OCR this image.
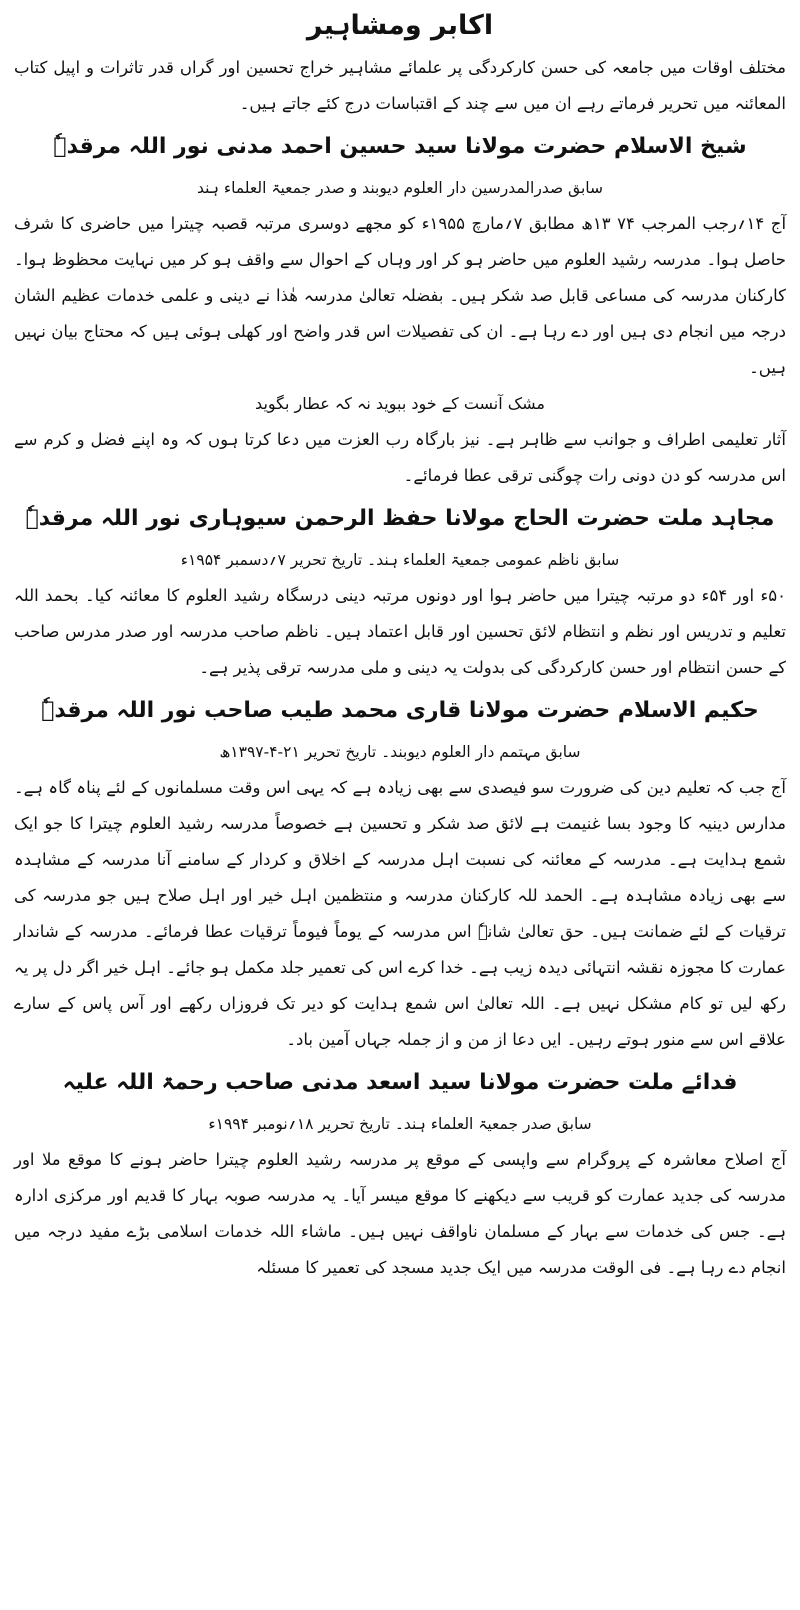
اکابر ومشاہیر

مختلف اوقات میں جامعہ کی حسن کارکردگی پر علمائے مشاہیر خراج تحسین اور گراں قدر تاثرات و اپیل کتاب المعائنہ میں تحریر فرماتے رہے ان میں سے چند کے اقتباسات درج کئے جاتے ہیں۔

شیخ الاسلام حضرت مولانا سید حسین احمد مدنی نور اللہ مرقدہٗ
سابق صدرالمدرسین دار العلوم دیوبند و صدر جمعیۃ العلماء ہند

آج ۱۴؍رجب المرجب ۷۴ ۱۳ھ مطابق ۷؍مارچ ۱۹۵۵ء کو مجھے دوسری مرتبہ قصبہ چیترا میں حاضری کا شرف حاصل ہوا۔ مدرسہ رشید العلوم میں حاضر ہو کر اور وہاں کے احوال سے واقف ہو کر میں نہایت محظوظ ہوا۔ کارکنان مدرسہ کی مساعی قابل صد شکر ہیں۔ بفضلہ تعالیٰ مدرسہ ھٰذا نے دینی و علمی خدمات عظیم الشان درجہ میں انجام دی ہیں اور دے رہا ہے۔ ان کی تفصیلات اس قدر واضح اور کھلی ہوئی ہیں کہ محتاج بیان نہیں ہیں۔

مشک آنست کے خود ببوید نہ کہ عطار بگوید

آثار تعلیمی اطراف و جوانب سے ظاہر ہے۔ نیز بارگاہ رب العزت میں دعا کرتا ہوں کہ وہ اپنے فضل و کرم سے اس مدرسہ کو دن دونی رات چوگنی ترقی عطا فرمائے۔

مجاہد ملت حضرت الحاج مولانا حفظ الرحمن سیوہاری نور اللہ مرقدہٗ
سابق ناظم عمومی جمعیۃ العلماء ہند۔ تاریخ تحریر ۷؍دسمبر ۱۹۵۴ء

۵۰ء اور ۵۴ء دو مرتبہ چیترا میں حاضر ہوا اور دونوں مرتبہ دینی درسگاہ رشید العلوم کا معائنہ کیا۔ بحمد اللہ تعلیم و تدریس اور نظم و انتظام لائق تحسین اور قابل اعتماد ہیں۔ ناظم صاحب مدرسہ اور صدر مدرس صاحب کے حسن انتظام اور حسن کارکردگی کی بدولت یہ دینی و ملی مدرسہ ترقی پذیر ہے۔

حکیم الاسلام حضرت مولانا قاری محمد طیب صاحب نور اللہ مرقدہٗ
سابق مہتمم دار العلوم دیوبند۔ تاریخ تحریر ۲۱-۴-۱۳۹۷ھ

آج جب کہ تعلیم دین کی ضرورت سو فیصدی سے بھی زیادہ ہے کہ یہی اس وقت مسلمانوں کے لئے پناہ گاہ ہے۔ مدارس دینیہ کا وجود بسا غنیمت ہے لائق صد شکر و تحسین ہے خصوصاً مدرسہ رشید العلوم چیترا کا جو ایک شمع ہدایت ہے۔ مدرسہ کے معائنہ کی نسبت اہل مدرسہ کے اخلاق و کردار کے سامنے آنا مدرسہ کے مشاہدہ سے بھی زیادہ مشاہدہ ہے۔ الحمد للہ کارکنان مدرسہ و منتظمین اہل خیر اور اہل صلاح ہیں جو مدرسہ کی ترقیات کے لئے ضمانت ہیں۔ حق تعالیٰ شانہٗ اس مدرسہ کے یوماً فیوماً ترقیات عطا فرمائے۔ مدرسہ کے شاندار عمارت کا مجوزہ نقشہ انتہائی دیدہ زیب ہے۔ خدا کرے اس کی تعمیر جلد مکمل ہو جائے۔ اہل خیر اگر دل پر یہ رکھ لیں تو کام مشکل نہیں ہے۔ اللہ تعالیٰ اس شمع ہدایت کو دیر تک فروزاں رکھے اور آس پاس کے سارے علاقے اس سے منور ہوتے رہیں۔ ایں دعا از من و از جملہ جہاں آمین باد۔

فدائے ملت حضرت مولانا سید اسعد مدنی صاحب رحمۃ اللہ علیہ
سابق صدر جمعیۃ العلماء ہند۔ تاریخ تحریر ۱۸؍نومبر ۱۹۹۴ء

آج اصلاح معاشرہ کے پروگرام سے واپسی کے موقع پر مدرسہ رشید العلوم چیترا حاضر ہونے کا موقع ملا اور مدرسہ کی جدید عمارت کو قریب سے دیکھنے کا موقع میسر آیا۔ یہ مدرسہ صوبہ بہار کا قدیم اور مرکزی ادارہ ہے۔ جس کی خدمات سے بہار کے مسلمان ناواقف نہیں ہیں۔ ماشاء اللہ خدمات اسلامی بڑے مفید درجہ میں انجام دے رہا ہے۔ فی الوقت مدرسہ میں ایک جدید مسجد کی تعمیر کا مسئلہ
